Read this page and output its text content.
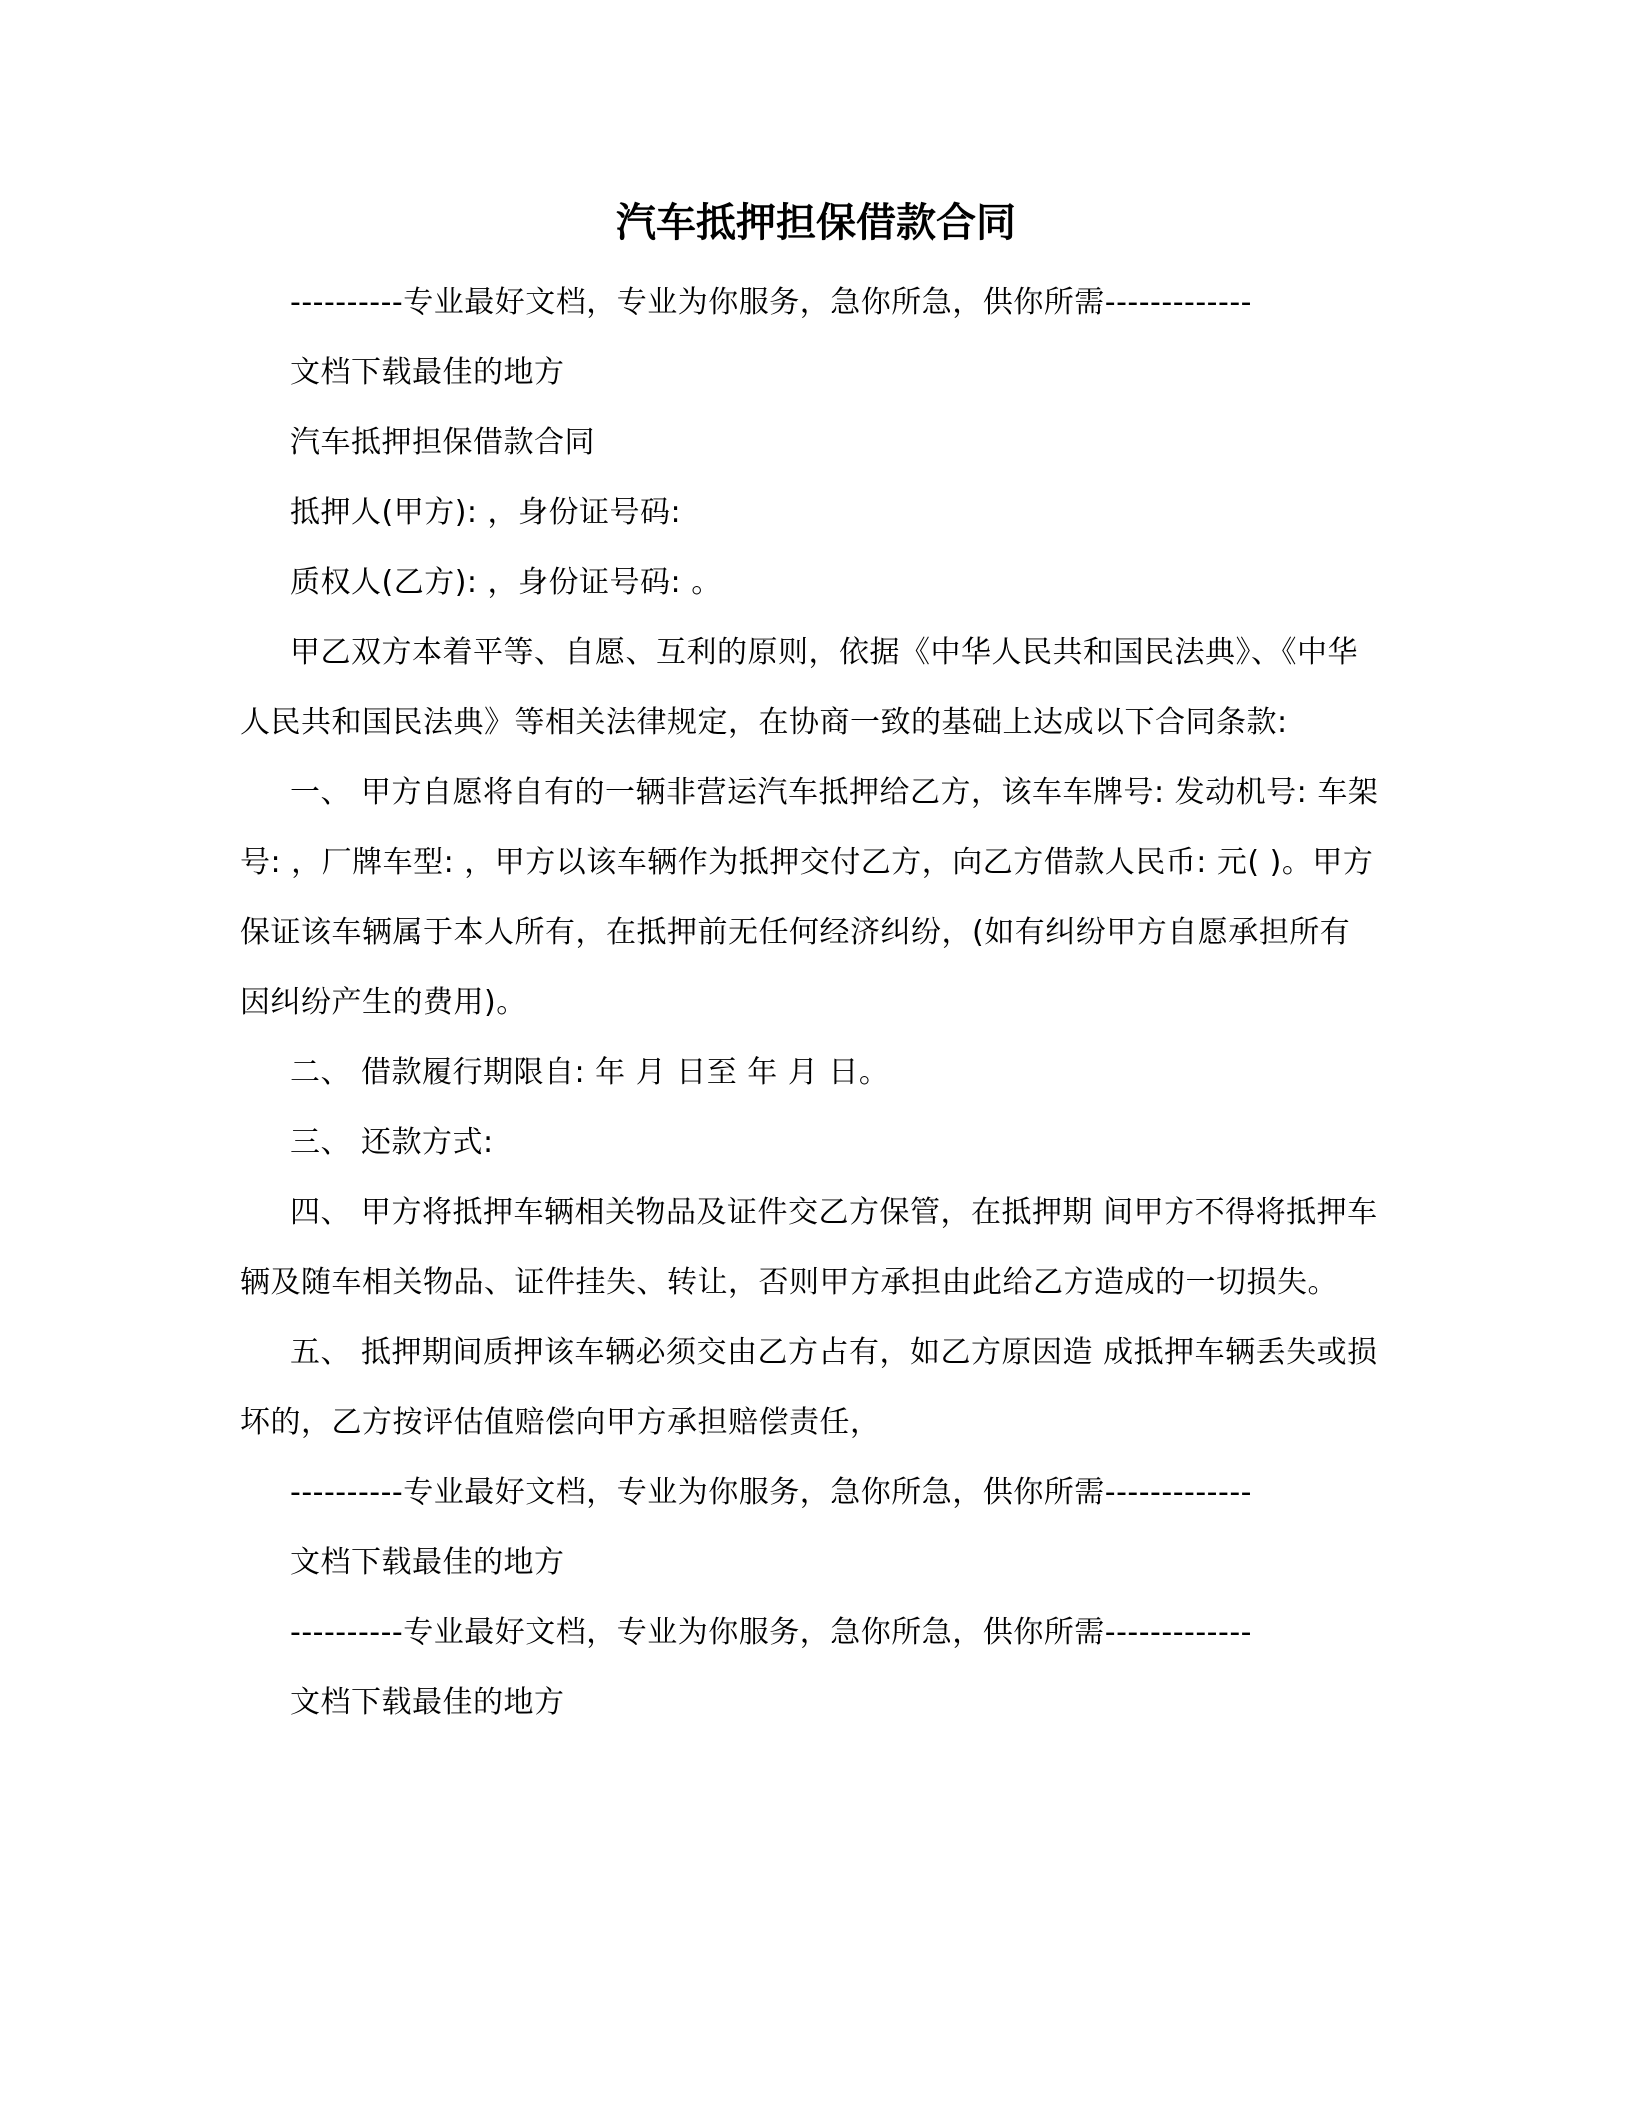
汽车抵押担保借款合同

----------专业最好文档，专业为你服务，急你所急，供你所需-------------

文档下载最佳的地方

汽车抵押担保借款合同

抵押人(甲方): ，身份证号码:

质权人(乙方): ，身份证号码: 。

甲乙双方本着平等、自愿、互利的原则，依据《中华人民共和国民法典》、《中华人民共和国民法典》等相关法律规定，在协商一致的基础上达成以下合同条款:

一、 甲方自愿将自有的一辆非营运汽车抵押给乙方，该车车牌号: 发动机号: 车架号: ，厂牌车型: ，甲方以该车辆作为抵押交付乙方，向乙方借款人民币: 元( )。甲方保证该车辆属于本人所有，在抵押前无任何经济纠纷，(如有纠纷甲方自愿承担所有因纠纷产生的费用)。

二、 借款履行期限自: 年 月 日至 年 月 日。

三、 还款方式:

四、 甲方将抵押车辆相关物品及证件交乙方保管，在抵押期 间甲方不得将抵押车辆及随车相关物品、证件挂失、转让，否则甲方承担由此给乙方造成的一切损失。

五、 抵押期间质押该车辆必须交由乙方占有，如乙方原因造 成抵押车辆丢失或损坏的，乙方按评估值赔偿向甲方承担赔偿责任，

----------专业最好文档，专业为你服务，急你所急，供你所需-------------

文档下载最佳的地方

----------专业最好文档，专业为你服务，急你所急，供你所需-------------

文档下载最佳的地方
